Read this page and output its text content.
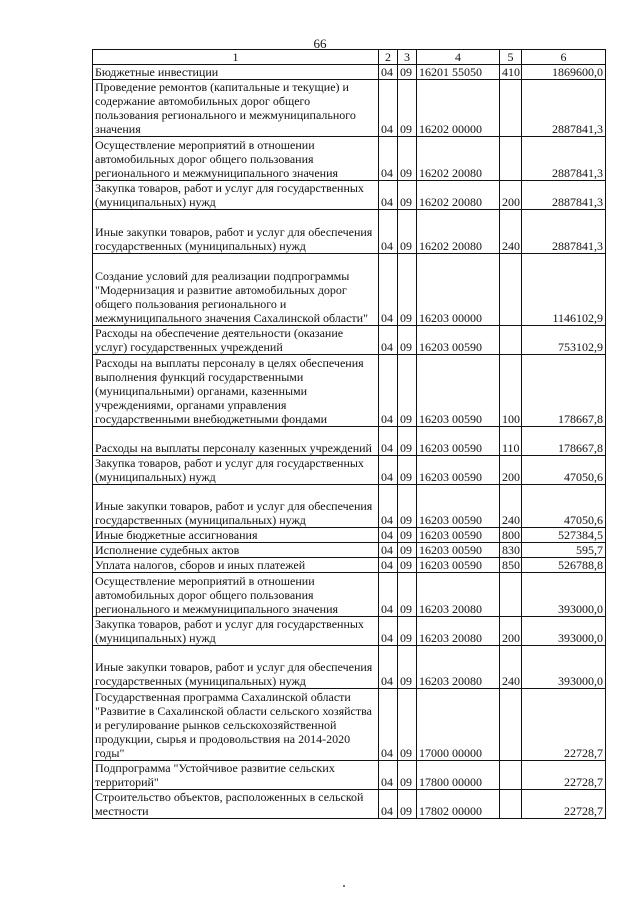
66
1	2	3	4	5	6
Бюджетные инвестиции	04	09	16201 55050	410	1869600,0
Проведение ремонтов (капитальные и текущие) и содержание автомобильных дорог общего пользования регионального и межмуниципального значения	04	09	16202 00000		2887841,3
Осуществление мероприятий в отношении автомобильных дорог общего пользования регионального и межмуниципального значения	04	09	16202 20080		2887841,3
Закупка товаров, работ и услуг для государственных (муниципальных) нужд	04	09	16202 20080	200	2887841,3
Иные закупки товаров, работ и услуг для обеспечения государственных (муниципальных) нужд	04	09	16202 20080	240	2887841,3
Создание условий для реализации подпрограммы "Модернизация и развитие автомобильных дорог общего пользования регионального и межмуниципального значения Сахалинской области"	04	09	16203 00000		1146102,9
Расходы на обеспечение деятельности (оказание услуг) государственных учреждений	04	09	16203 00590		753102,9
Расходы на выплаты персоналу в целях обеспечения выполнения функций государственными (муниципальными) органами, казенными учреждениями, органами управления государственными внебюджетными фондами	04	09	16203 00590	100	178667,8
Расходы на выплаты персоналу казенных учреждений	04	09	16203 00590	110	178667,8
Закупка товаров, работ и услуг для государственных (муниципальных) нужд	04	09	16203 00590	200	47050,6
Иные закупки товаров, работ и услуг для обеспечения государственных (муниципальных) нужд	04	09	16203 00590	240	47050,6
Иные бюджетные ассигнования	04	09	16203 00590	800	527384,5
Исполнение судебных актов	04	09	16203 00590	830	595,7
Уплата налогов, сборов и иных платежей	04	09	16203 00590	850	526788,8
Осуществление мероприятий в отношении автомобильных дорог общего пользования регионального и межмуниципального значения	04	09	16203 20080		393000,0
Закупка товаров, работ и услуг для государственных (муниципальных) нужд	04	09	16203 20080	200	393000,0
Иные закупки товаров, работ и услуг для обеспечения государственных (муниципальных) нужд	04	09	16203 20080	240	393000,0
Государственная программа Сахалинской области "Развитие в Сахалинской области сельского хозяйства и регулирование рынков сельскохозяйственной продукции, сырья и продовольствия на 2014-2020 годы"	04	09	17000 00000		22728,7
Подпрограмма "Устойчивое развитие сельских территорий"	04	09	17800 00000		22728,7
Строительство объектов, расположенных в сельской местности	04	09	17802 00000		22728,7
